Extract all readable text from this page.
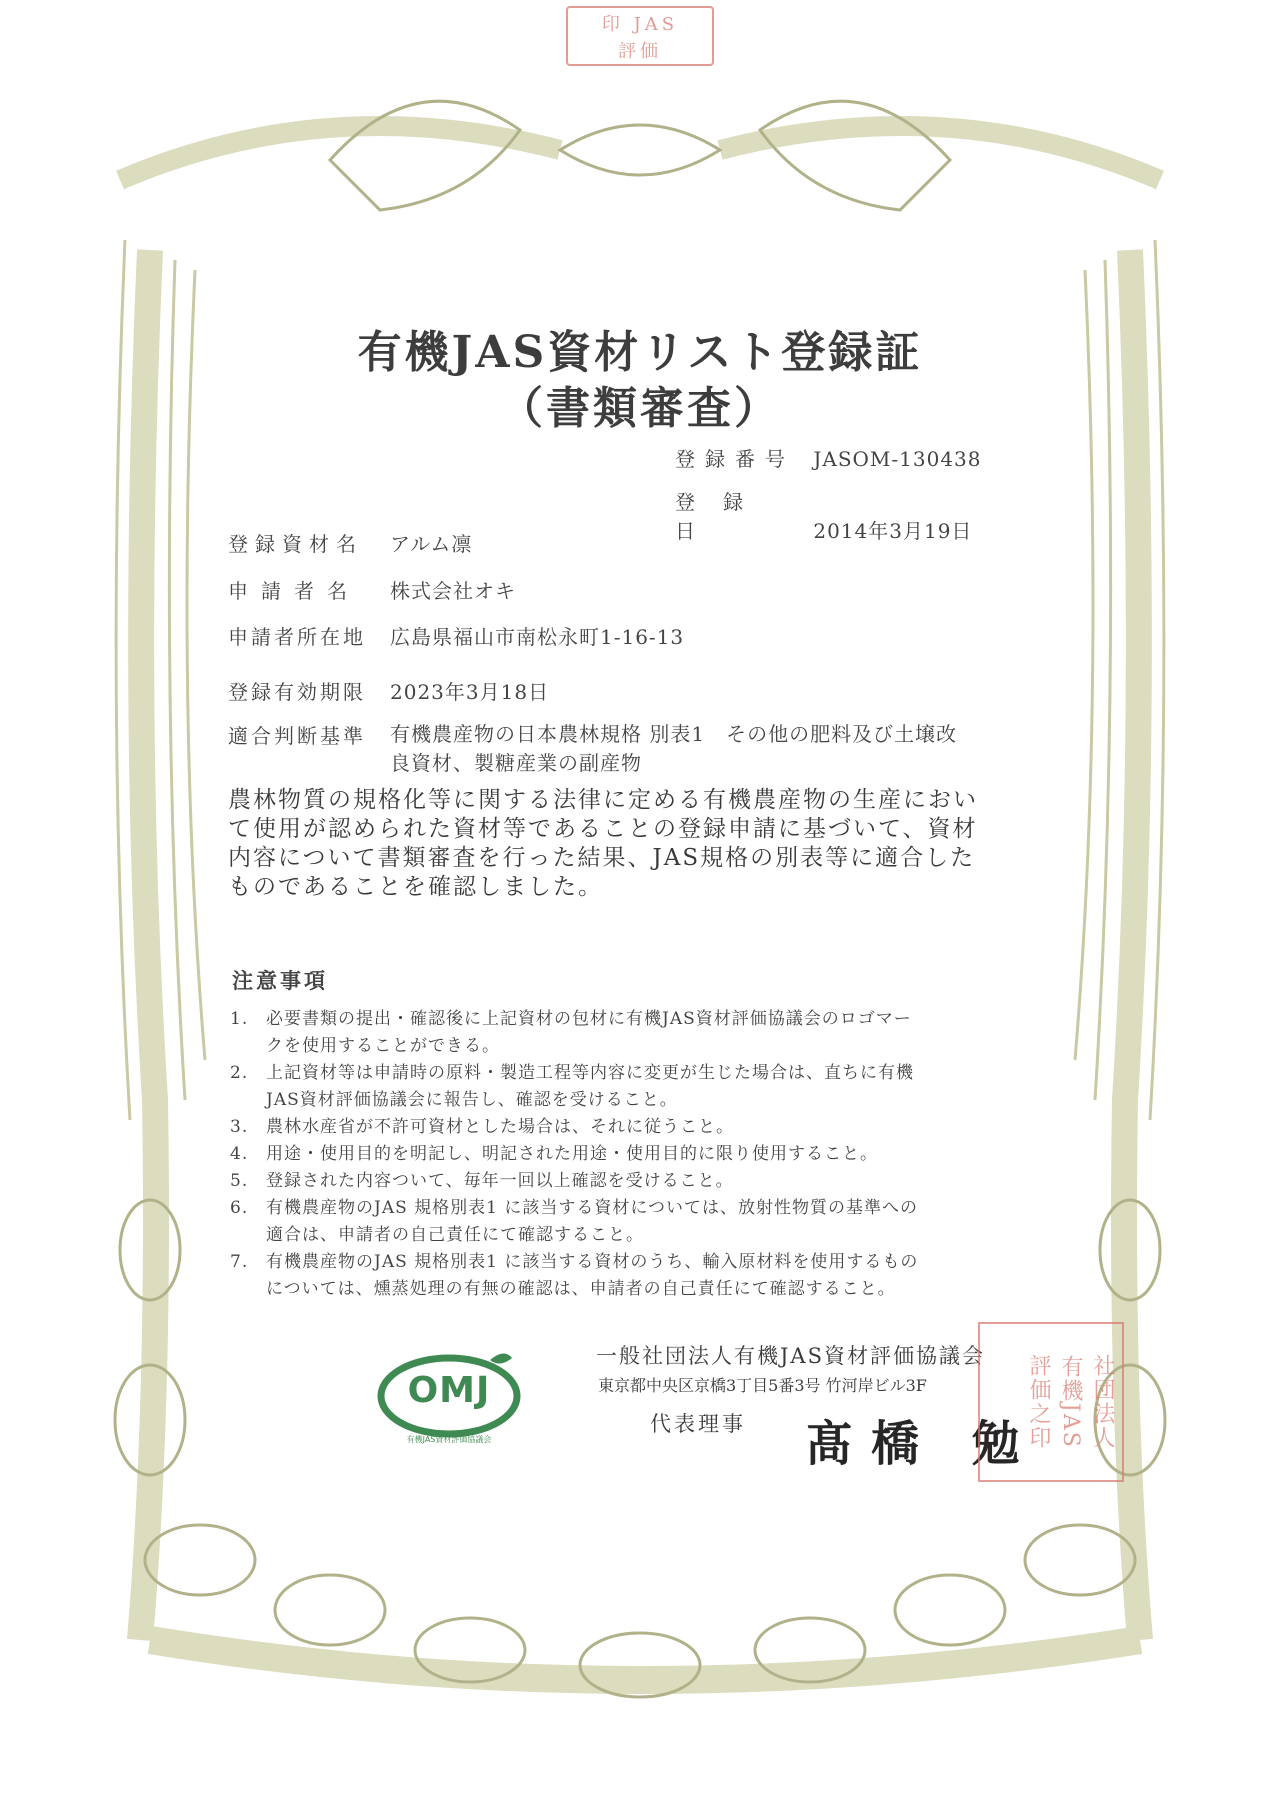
印 JAS
評価
有機JAS資材リスト登録証
（書類審査）
登録番号 JASOM-130438
登録日	2014年3月19日
登録資材名 アルム凛
申請者名	株式会社オキ
申請者所在地 広島県福山市南松永町1-16-13
登録有効期限 2023年3月18日
適合判断基準 有機農産物の日本農林規格 別表1　その他の肥料及び土壌改
良資材、製糖産業の副産物

農林物質の規格化等に関する法律に定める有機農産物の生産におい
て使用が認められた資材等であることの登録申請に基づいて、資材
内容について書類審査を行った結果、JAS規格の別表等に適合した
ものであることを確認しました。

注意事項
1. 必要書類の提出・確認後に上記資材の包材に有機JAS資材評価協議会のロゴマー
クを使用することができる。
2. 上記資材等は申請時の原料・製造工程等内容に変更が生じた場合は、直ちに有機
JAS資材評価協議会に報告し、確認を受けること。
3. 農林水産省が不許可資材とした場合は、それに従うこと。
4. 用途・使用目的を明記し、明記された用途・使用目的に限り使用すること。
5. 登録された内容ついて、毎年一回以上確認を受けること。
6. 有機農産物のJAS 規格別表1 に該当する資材については、放射性物質の基準への
適合は、申請者の自己責任にて確認すること。
7. 有機農産物のJAS 規格別表1 に該当する資材のうち、輸入原材料を使用するもの
については、燻蒸処理の有無の確認は、申請者の自己責任にて確認すること。
OMJ
有機JAS資材評価協議会
一般社団法人有機JAS資材評価協議会
東京都中央区京橋3丁目5番3号 竹河岸ビル3F
代表理事 髙橋 勉	社団法人
有機JAS
評価之印
